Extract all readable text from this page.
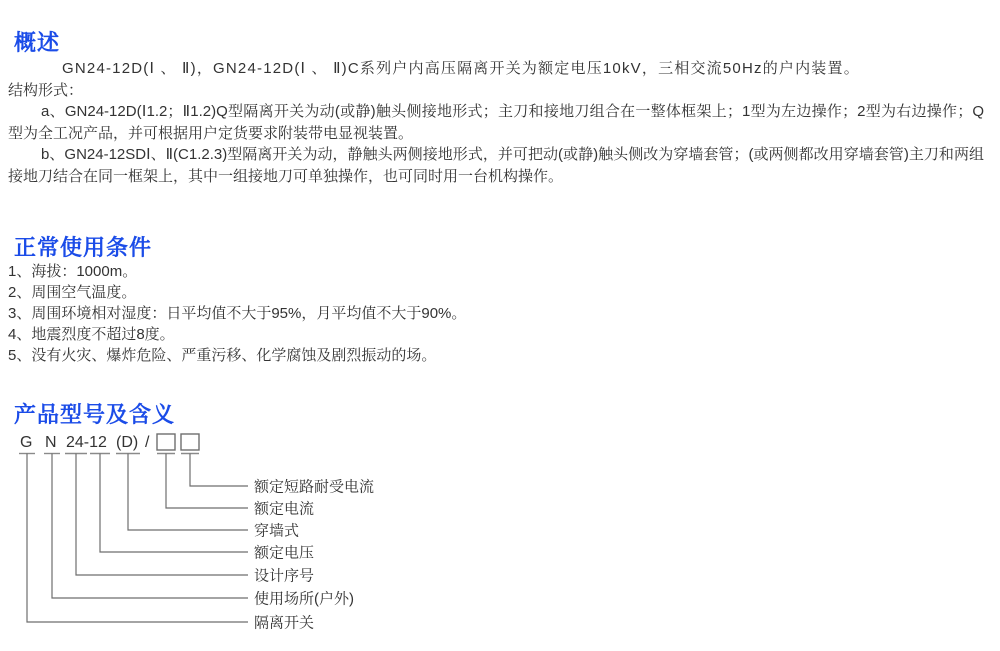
概述

GN24-12D(Ⅰ 、 Ⅱ)，GN24-12D(Ⅰ 、 Ⅱ)C系列户内高压隔离开关为额定电压10kV，三相交流50Hz的户内装置。

结构形式：

a、GN24-12D(Ⅰ1.2；Ⅱ1.2)Q型隔离开关为动(或静)触头侧接地形式；主刀和接地刀组合在一整体框架上；1型为左边操作；2型为右边操作；Q型为全工况产品，并可根据用户定货要求附装带电显视装置。

b、GN24-12SDⅠ、Ⅱ(C1.2.3)型隔离开关为动，静触头两侧接地形式，并可把动(或静)触头侧改为穿墙套管；(或两侧都改用穿墙套管)主刀和两组接地刀结合在同一框架上，其中一组接地刀可单独操作，也可同时用一台机构操作。

正常使用条件
1、海拔：1000m。
2、周围空气温度。
3、周围环境相对湿度：日平均值不大于95%，月平均值不大于90%。
4、地震烈度不超过8度。
5、没有火灾、爆炸危险、严重污移、化学腐蚀及剧烈振动的场。
产品型号及含义
G N 24-12 (D) /
额定短路耐受电流
额定电流
穿墙式
额定电压
设计序号
使用场所(户外)
隔离开关
